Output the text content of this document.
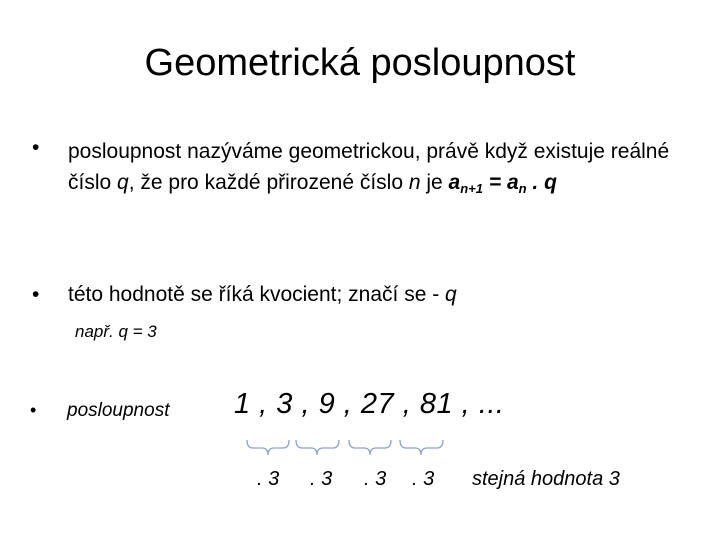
Geometrická posloupnost
• posloupnost nazýváme geometrickou, právě když existuje reálné číslo q, že pro každé přirozené číslo n je $a_{n+1} = a_n$ . q
• této hodnotě se říká kvocient; značí se - q
např. q = 3
• posloupnost 1 , 3 , 9 , 27 , 81 , ...
. 3 . 3 . 3 . 3 stejná hodnota 3
